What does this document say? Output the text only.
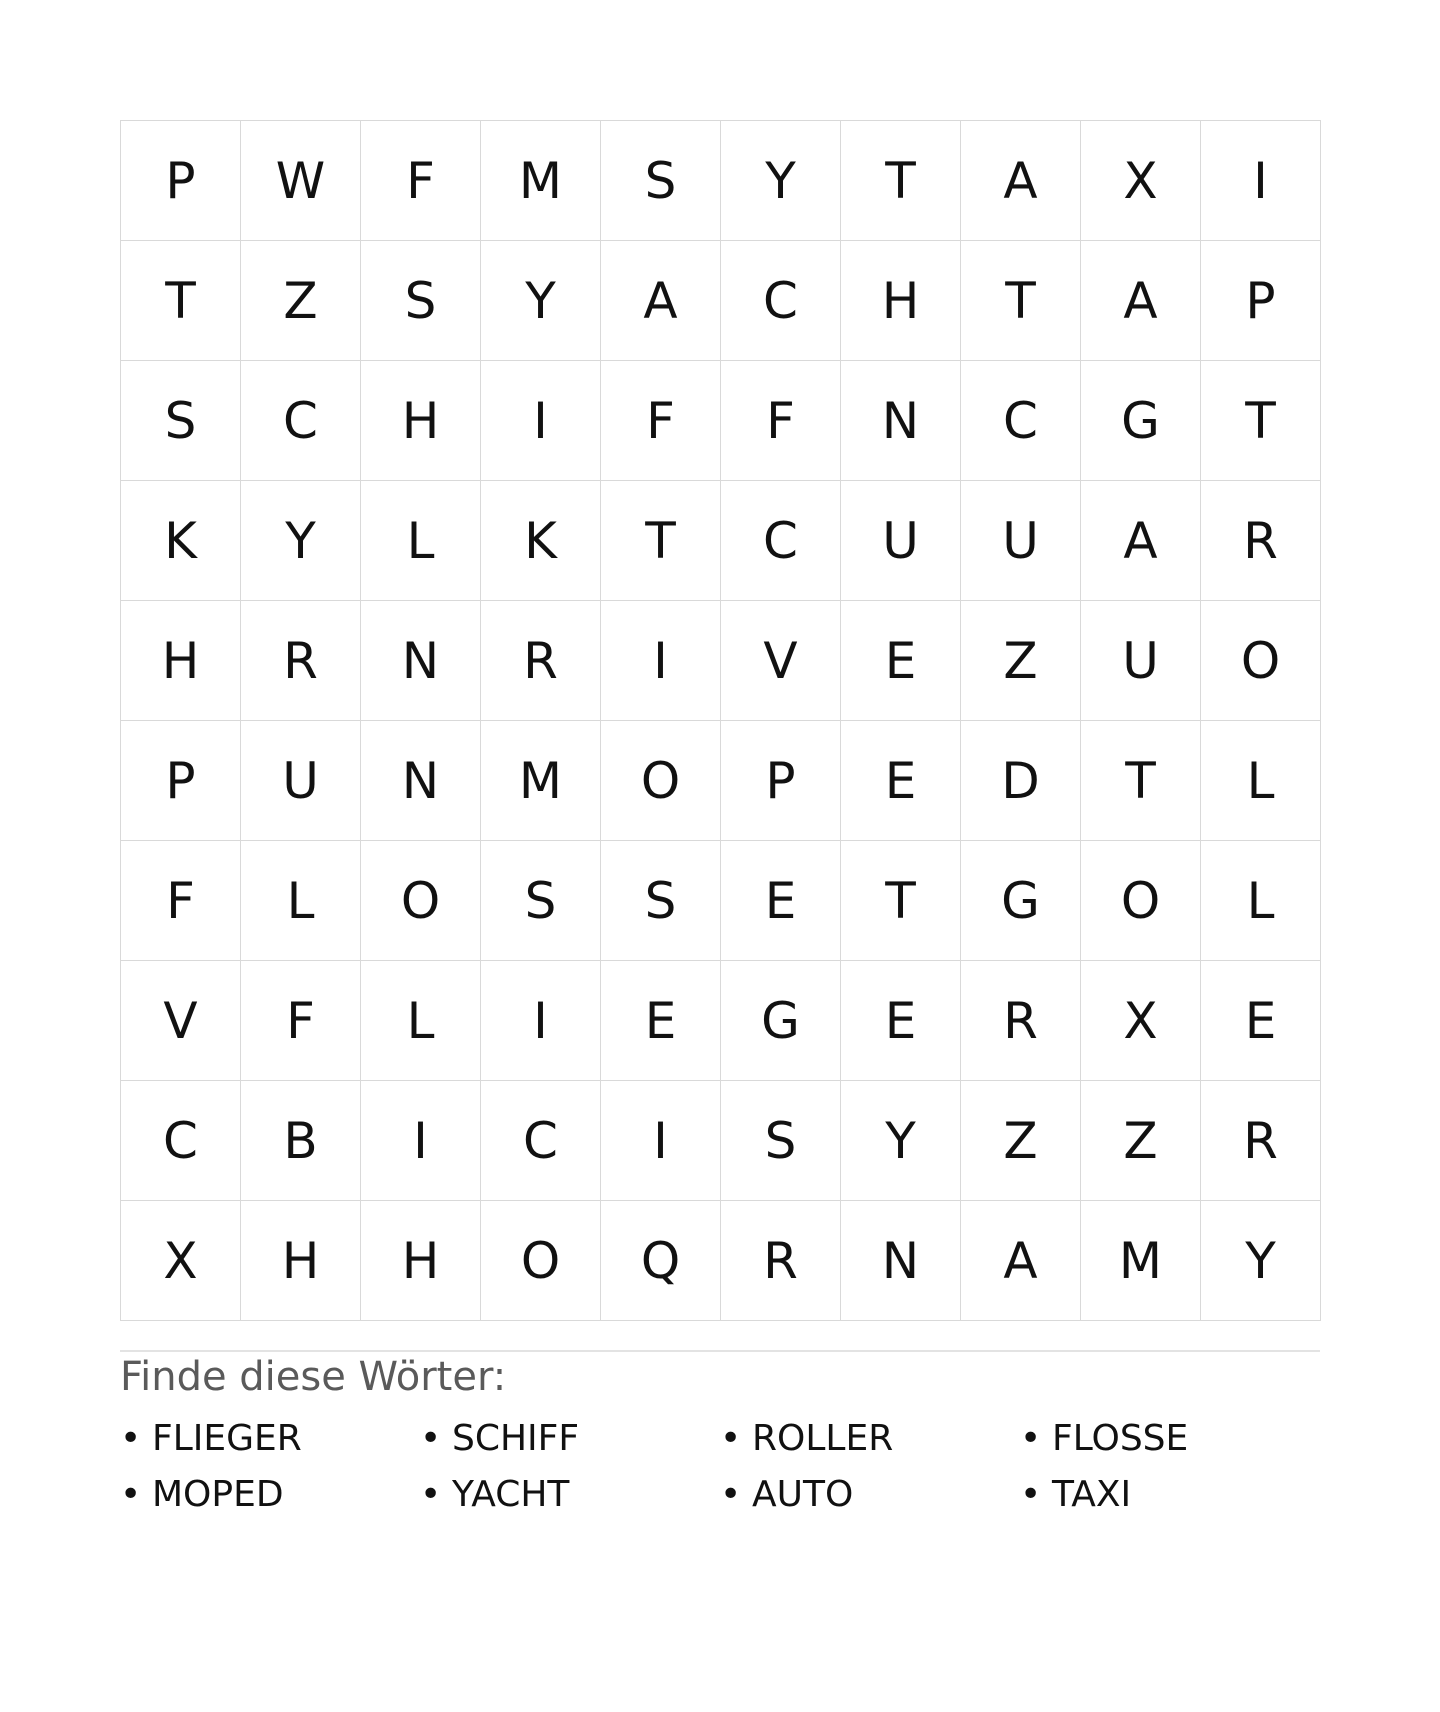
P	W	F	M	S	Y	T	A	X	I
T	Z	S	Y	A	C	H	T	A	P
S	C	H	I	F	F	N	C	G	T
K	Y	L	K	T	C	U	U	A	R
H	R	N	R	I	V	E	Z	U	O
P	U	N	M	O	P	E	D	T	L
F	L	O	S	S	E	T	G	O	L
V	F	L	I	E	G	E	R	X	E
C	B	I	C	I	S	Y	Z	Z	R
X	H	H	O	Q	R	N	A	M	Y
Finde diese Wörter:
• FLIEGER	• SCHIFF	• ROLLER	• FLOSSE
• MOPED	• YACHT	• AUTO	• TAXI
